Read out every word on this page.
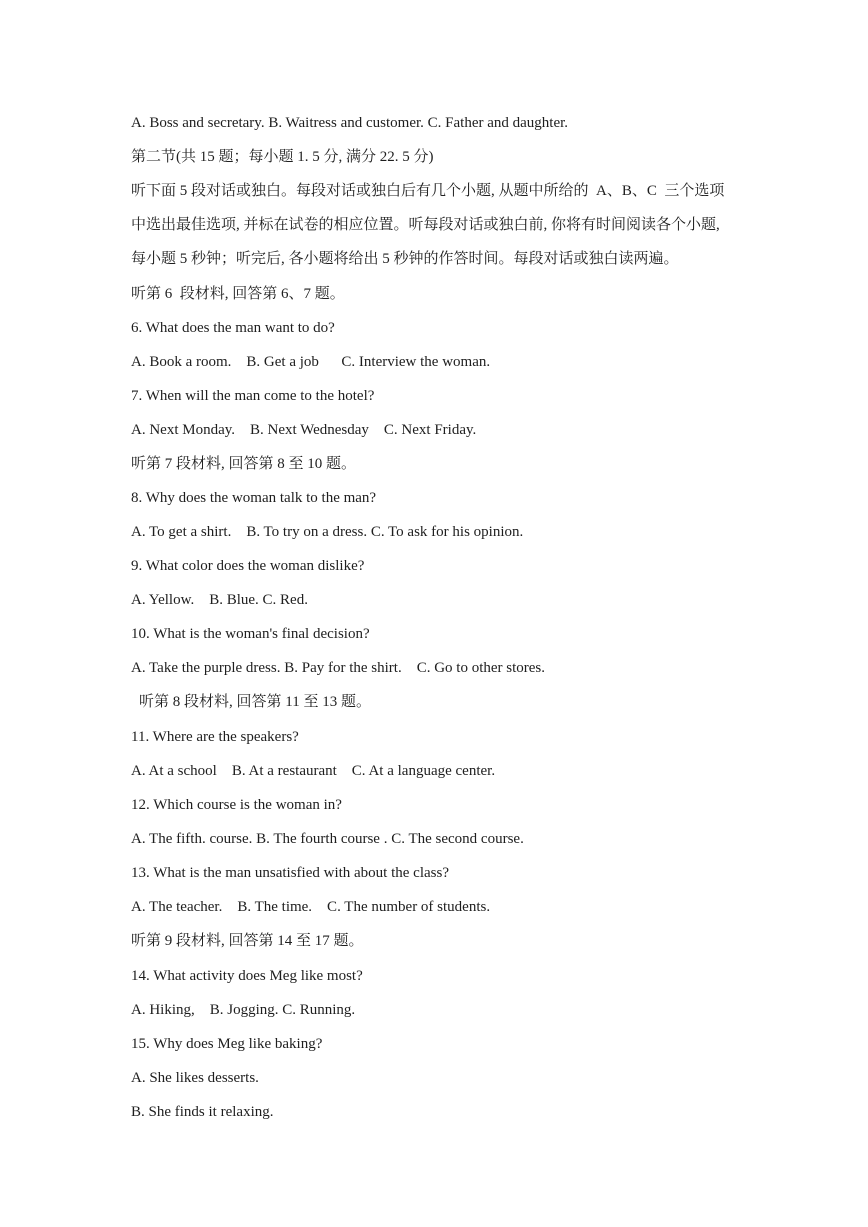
A. Boss and secretary. B. Waitress and customer. C. Father and daughter.
第二节(共 15 题；每小题 1. 5 分, 满分 22. 5 分)
听下面 5 段对话或独白。每段对话或独白后有几个小题, 从题中所给的  A、B、C  三个选项
中选出最佳选项, 并标在试卷的相应位置。听每段对话或独白前, 你将有时间阅读各个小题,
每小题 5 秒钟；听完后, 各小题将给出 5 秒钟的作答时间。每段对话或独白读两遍。
听第 6  段材料, 回答第 6、7 题。
6. What does the man want to do?
A. Book a room.    B. Get a job      C. Interview the woman.
7. When will the man come to the hotel?
A. Next Monday.    B. Next Wednesday    C. Next Friday.
听第 7 段材料, 回答第 8 至 10 题。
8. Why does the woman talk to the man?
A. To get a shirt.    B. To try on a dress. C. To ask for his opinion.
9. What color does the woman dislike?
A. Yellow.    B. Blue. C. Red.
10. What is the woman's final decision?
A. Take the purple dress. B. Pay for the shirt.    C. Go to other stores.
听第 8 段材料, 回答第 11 至 13 题。
11. Where are the speakers?
A. At a school    B. At a restaurant    C. At a language center.
12. Which course is the woman in?
A. The fifth. course. B. The fourth course . C. The second course.
13. What is the man unsatisfied with about the class?
A. The teacher.    B. The time.    C. The number of students.
听第 9 段材料, 回答第 14 至 17 题。
14. What activity does Meg like most?
A. Hiking,    B. Jogging. C. Running.
15. Why does Meg like baking?
A. She likes desserts.
B. She finds it relaxing.
